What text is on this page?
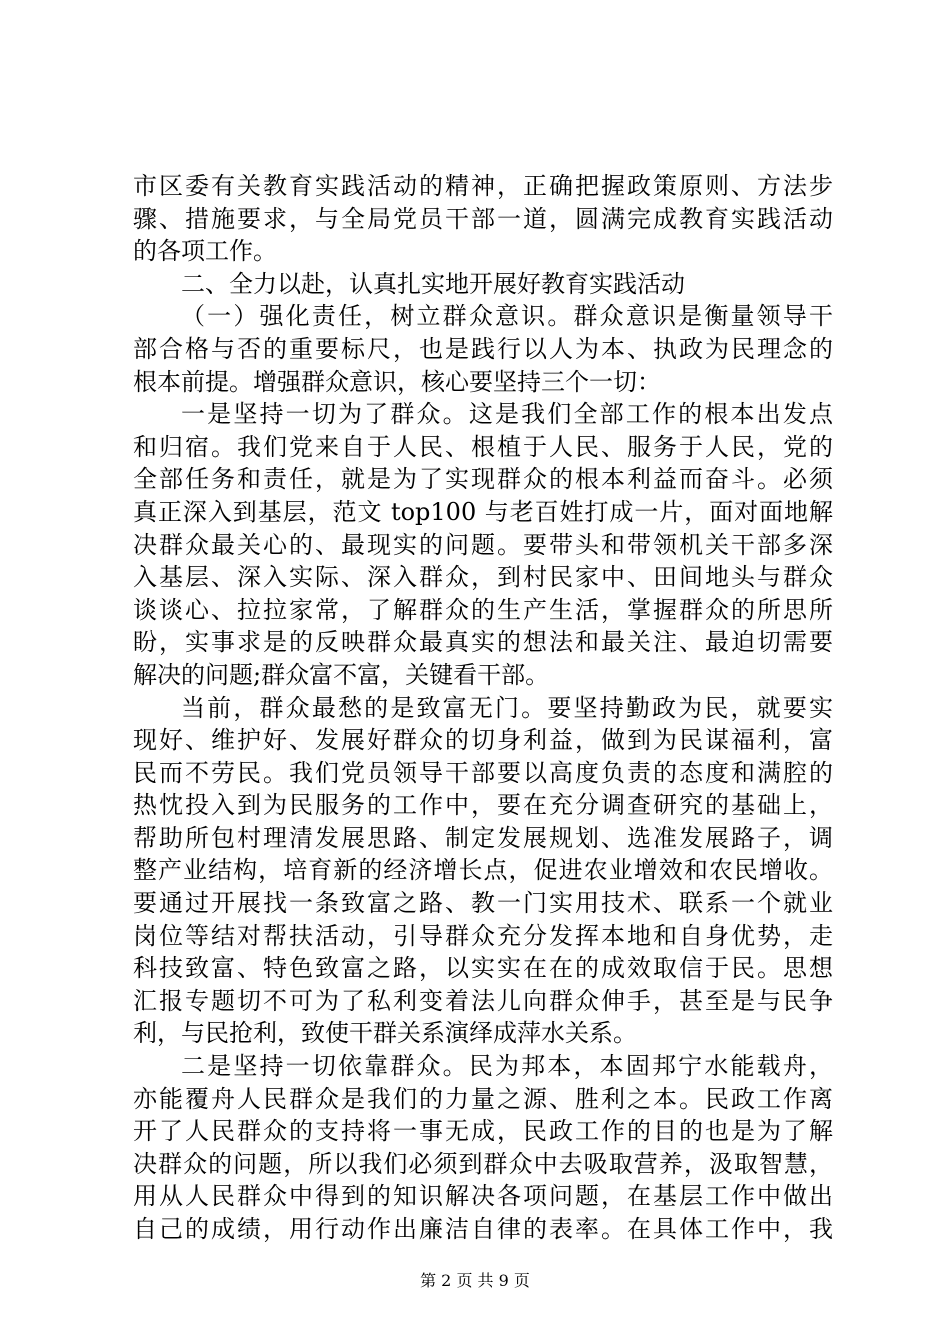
市区委有关教育实践活动的精神，正确把握政策原则、方法步
骤、措施要求，与全局党员干部一道，圆满完成教育实践活动
的各项工作。
二、全力以赴，认真扎实地开展好教育实践活动
（一）强化责任，树立群众意识。群众意识是衡量领导干
部合格与否的重要标尺，也是践行以人为本、执政为民理念的
根本前提。增强群众意识，核心要坚持三个一切：
一是坚持一切为了群众。这是我们全部工作的根本出发点
和归宿。我们党来自于人民、根植于人民、服务于人民，党的
全部任务和责任，就是为了实现群众的根本利益而奋斗。必须
真正深入到基层，范文 top100 与老百姓打成一片，面对面地解
决群众最关心的、最现实的问题。要带头和带领机关干部多深
入基层、深入实际、深入群众，到村民家中、田间地头与群众
谈谈心、拉拉家常，了解群众的生产生活，掌握群众的所思所
盼，实事求是的反映群众最真实的想法和最关注、最迫切需要
解决的问题;群众富不富，关键看干部。
当前，群众最愁的是致富无门。要坚持勤政为民，就要实
现好、维护好、发展好群众的切身利益，做到为民谋福利，富
民而不劳民。我们党员领导干部要以高度负责的态度和满腔的
热忱投入到为民服务的工作中，要在充分调查研究的基础上，
帮助所包村理清发展思路、制定发展规划、选准发展路子，调
整产业结构，培育新的经济增长点，促进农业增效和农民增收。
要通过开展找一条致富之路、教一门实用技术、联系一个就业
岗位等结对帮扶活动，引导群众充分发挥本地和自身优势，走
科技致富、特色致富之路，以实实在在的成效取信于民。思想
汇报专题切不可为了私利变着法儿向群众伸手，甚至是与民争
利，与民抢利，致使干群关系演绎成萍水关系。
二是坚持一切依靠群众。民为邦本，本固邦宁水能载舟，
亦能覆舟人民群众是我们的力量之源、胜利之本。民政工作离
开了人民群众的支持将一事无成，民政工作的目的也是为了解
决群众的问题，所以我们必须到群众中去吸取营养，汲取智慧，
用从人民群众中得到的知识解决各项问题，在基层工作中做出
自己的成绩，用行动作出廉洁自律的表率。在具体工作中，我
第 2 页 共 9 页
